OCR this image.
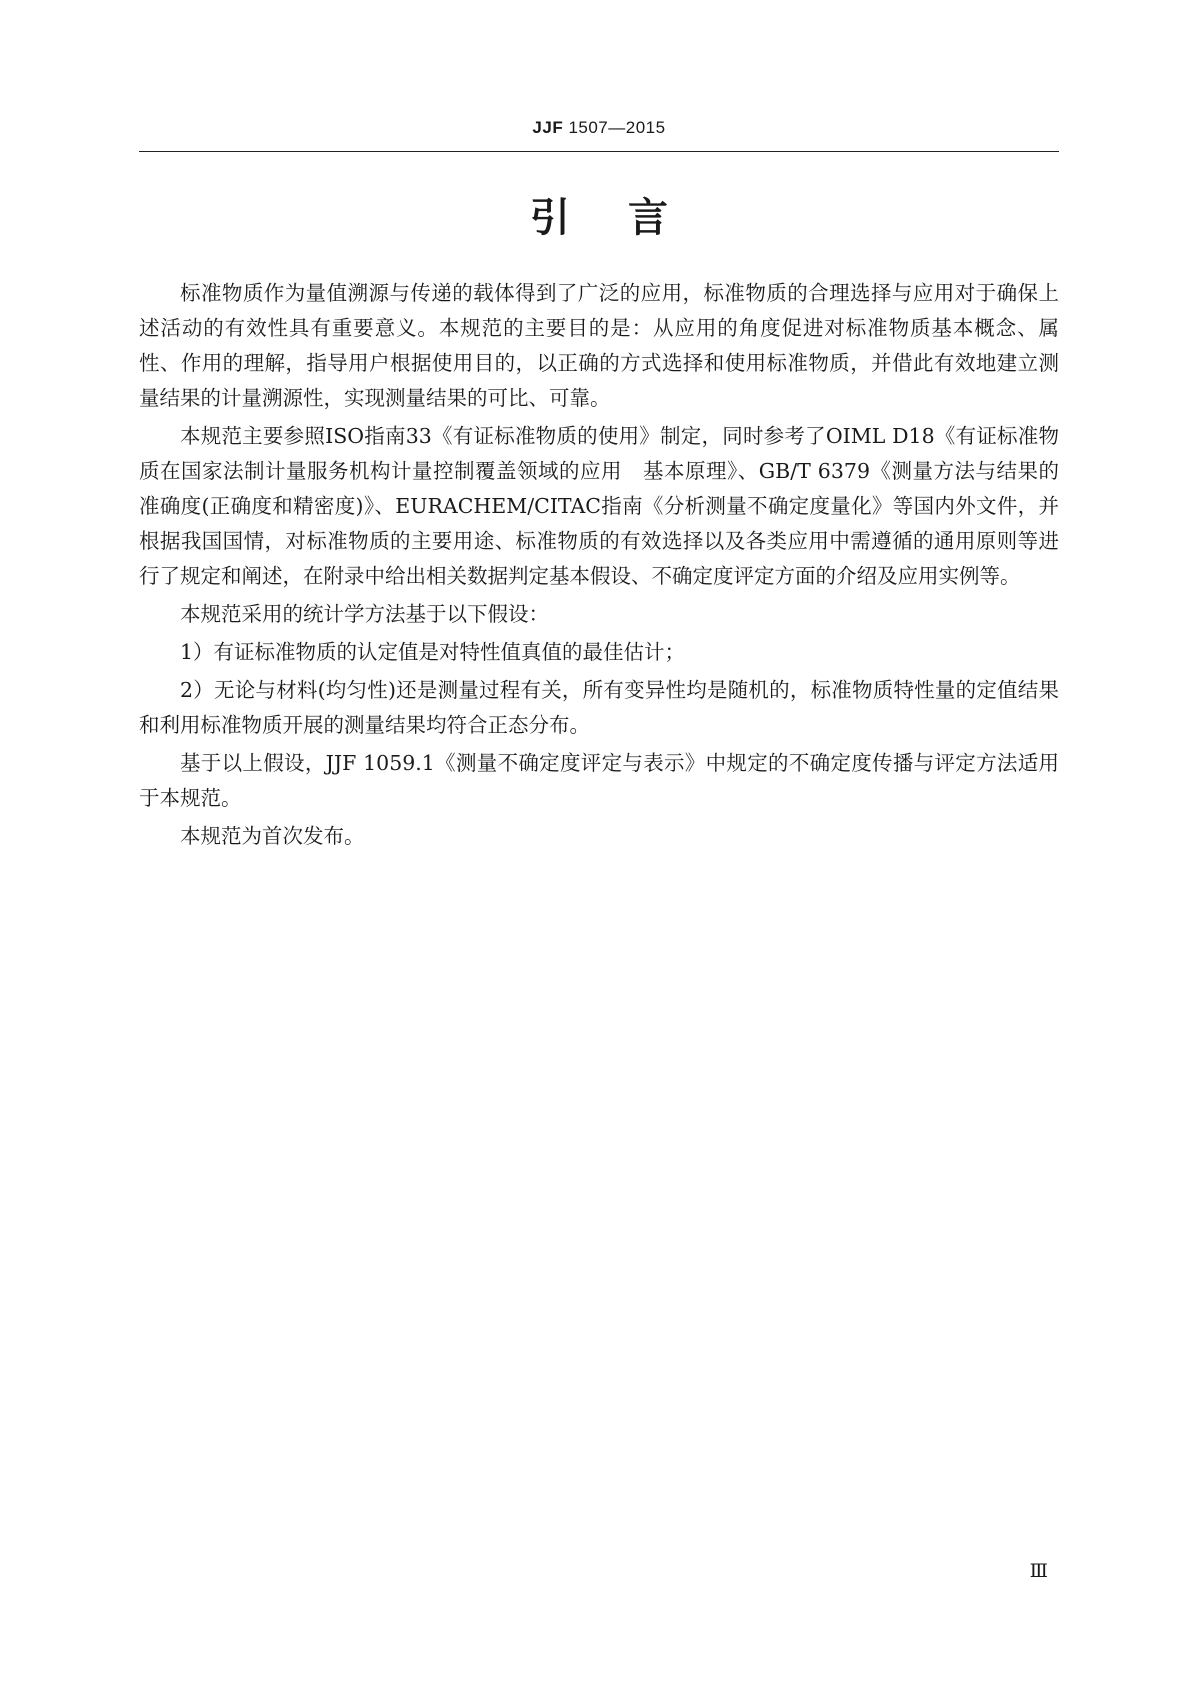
JJF 1507—2015
引言

标准物质作为量值溯源与传递的载体得到了广泛的应用，标准物质的合理选择与应用对于确保上述活动的有效性具有重要意义。本规范的主要目的是：从应用的角度促进对标准物质基本概念、属性、作用的理解，指导用户根据使用目的，以正确的方式选择和使用标准物质，并借此有效地建立测量结果的计量溯源性，实现测量结果的可比、可靠。

本规范主要参照ISO指南33《有证标准物质的使用》制定，同时参考了OIML D18《有证标准物质在国家法制计量服务机构计量控制覆盖领域的应用　基本原理》、GB/T 6379《测量方法与结果的准确度(正确度和精密度)》、EURACHEM/CITAC指南《分析测量不确定度量化》等国内外文件，并根据我国国情，对标准物质的主要用途、标准物质的有效选择以及各类应用中需遵循的通用原则等进行了规定和阐述，在附录中给出相关数据判定基本假设、不确定度评定方面的介绍及应用实例等。

本规范采用的统计学方法基于以下假设：

1）有证标准物质的认定值是对特性值真值的最佳估计；

2）无论与材料(均匀性)还是测量过程有关，所有变异性均是随机的，标准物质特性量的定值结果和利用标准物质开展的测量结果均符合正态分布。

基于以上假设，JJF 1059.1《测量不确定度评定与表示》中规定的不确定度传播与评定方法适用于本规范。

本规范为首次发布。

Ⅲ
